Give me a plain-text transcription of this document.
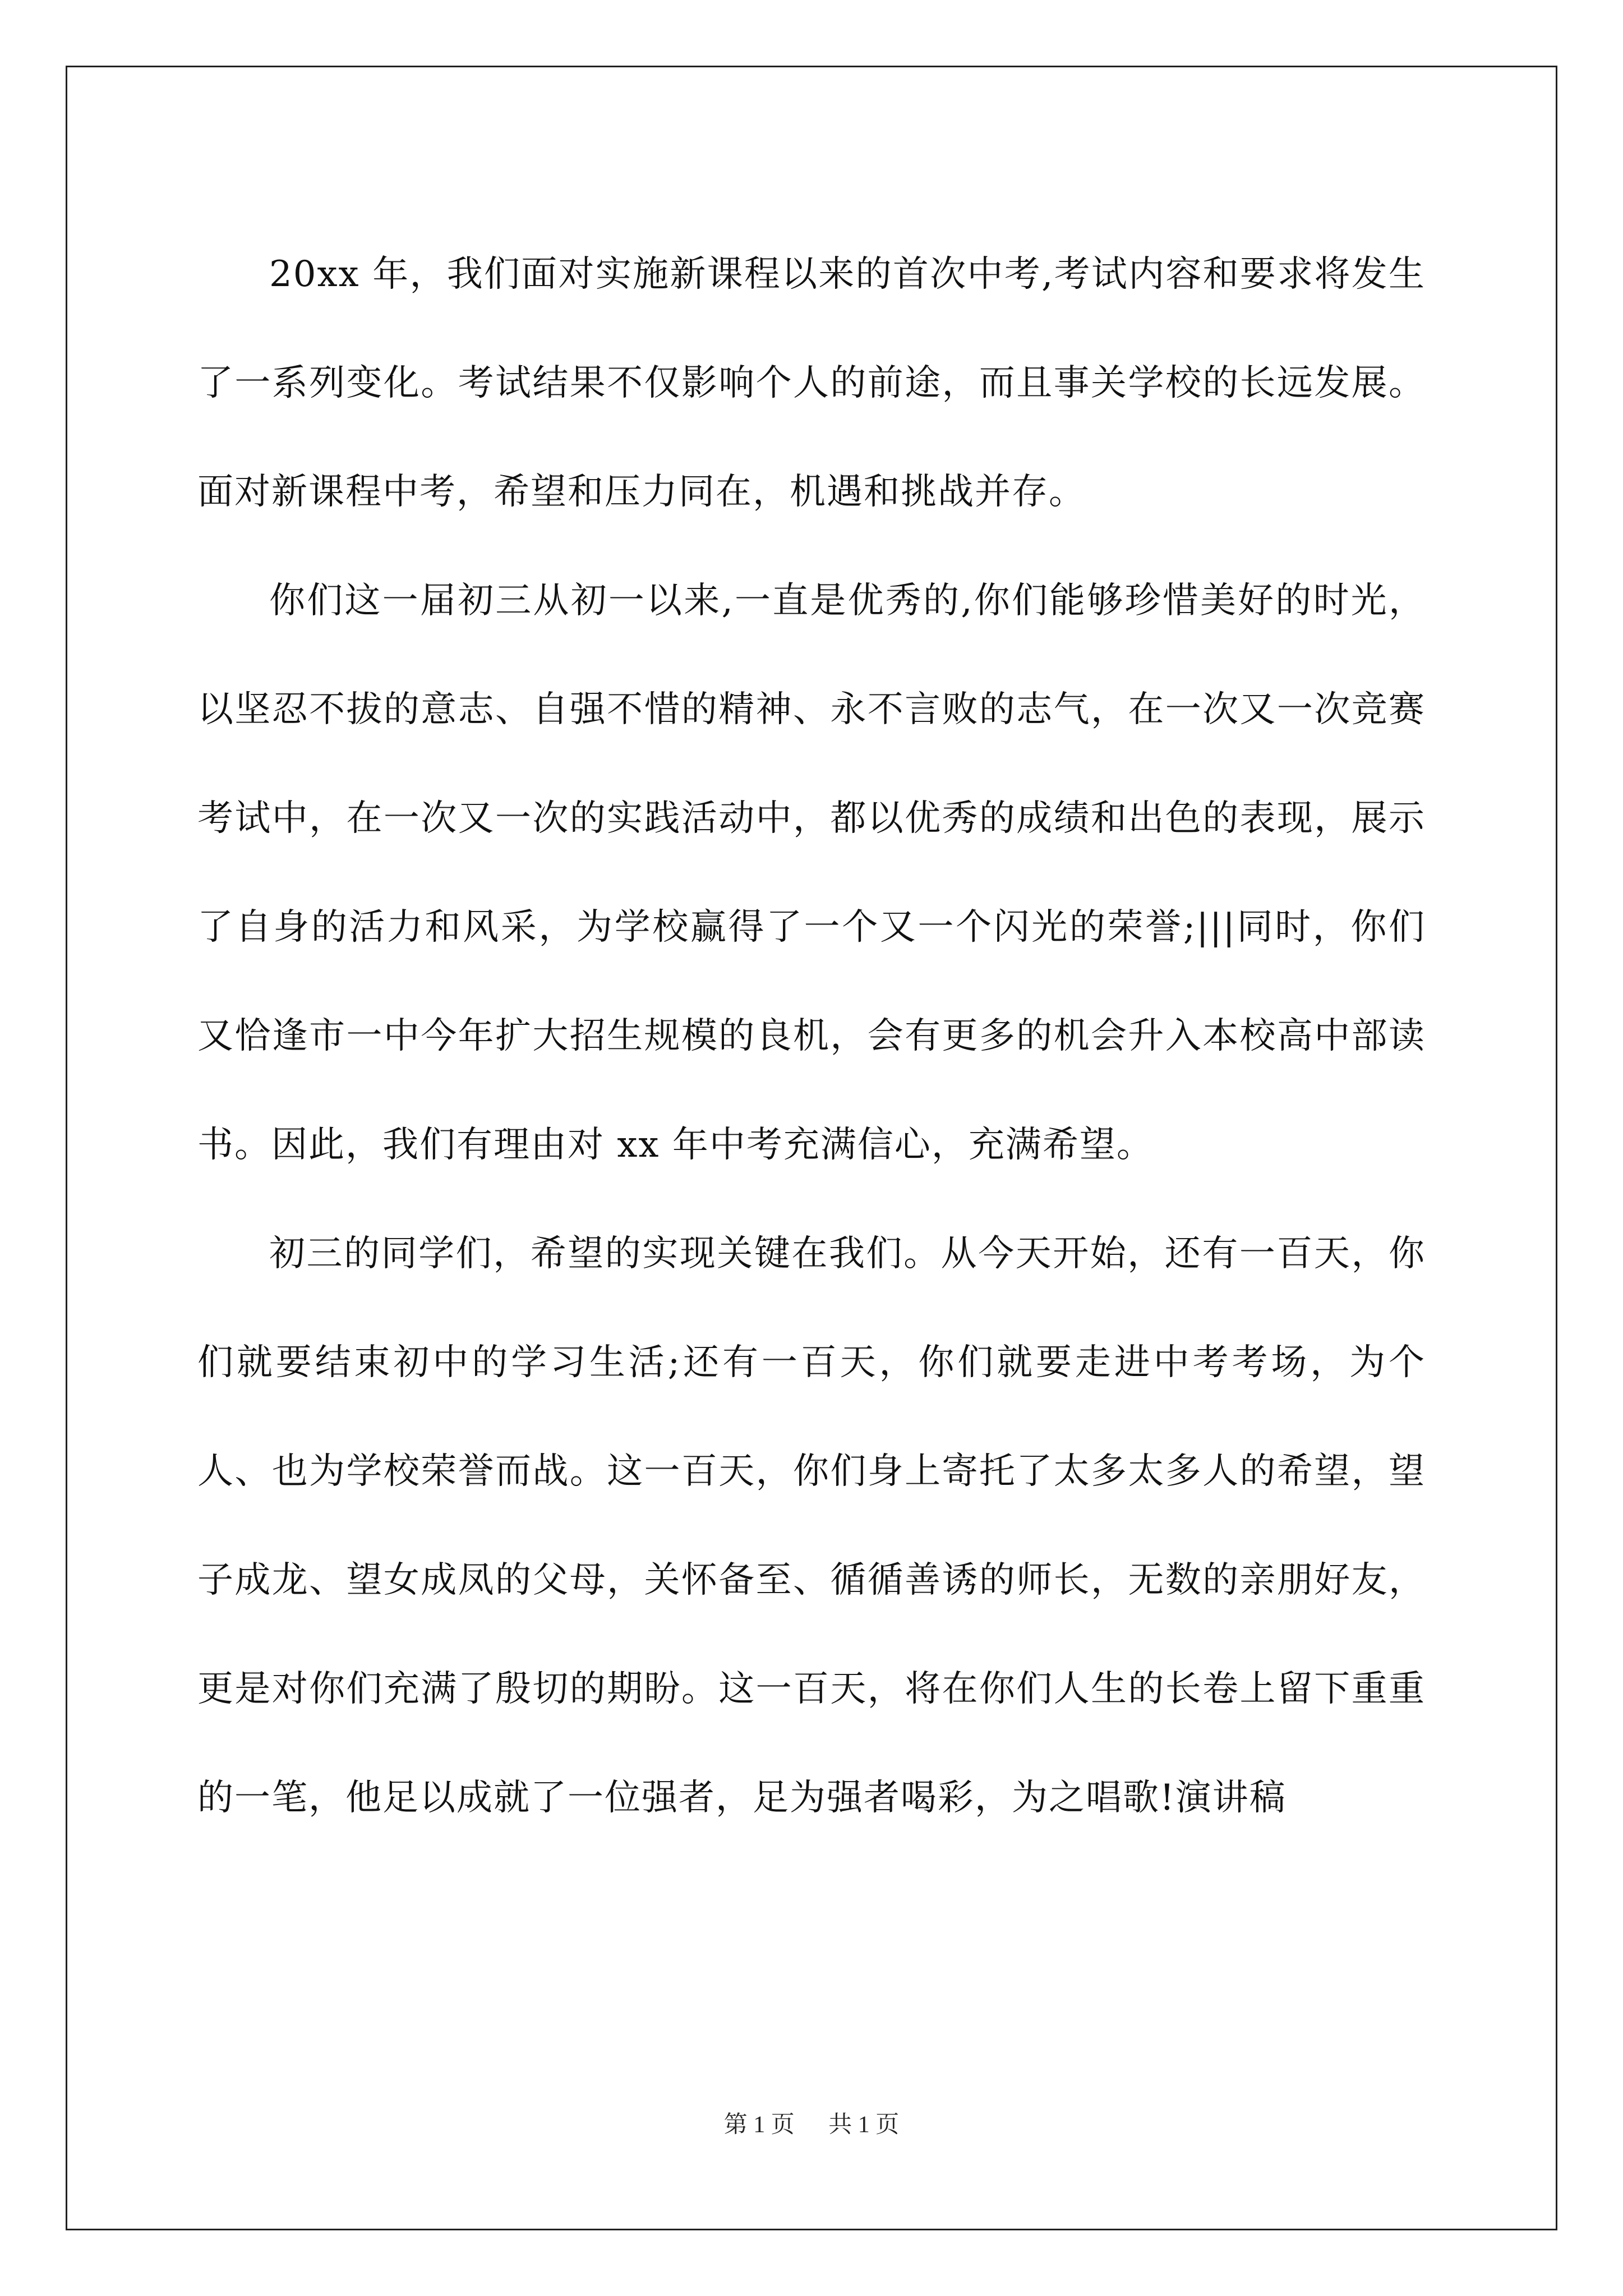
20xx 年，我们面对实施新课程以来的首次中考,考试内容和要求将发生了一系列变化。考试结果不仅影响个人的前途，而且事关学校的长远发展。面对新课程中考，希望和压力同在，机遇和挑战并存。

你们这一届初三从初一以来,一直是优秀的,你们能够珍惜美好的时光，以坚忍不拔的意志、自强不惜的精神、永不言败的志气，在一次又一次竞赛考试中，在一次又一次的实践活动中，都以优秀的成绩和出色的表现，展示了自身的活力和风采，为学校赢得了一个又一个闪光的荣誉;|||同时，你们又恰逢市一中今年扩大招生规模的良机，会有更多的机会升入本校高中部读书。因此，我们有理由对 xx 年中考充满信心，充满希望。

初三的同学们，希望的实现关键在我们。从今天开始，还有一百天，你们就要结束初中的学习生活;还有一百天，你们就要走进中考考场，为个人、也为学校荣誉而战。这一百天，你们身上寄托了太多太多人的希望，望子成龙、望女成凤的父母，关怀备至、循循善诱的师长，无数的亲朋好友，更是对你们充满了殷切的期盼。这一百天，将在你们人生的长卷上留下重重的一笔，他足以成就了一位强者，足为强者喝彩，为之唱歌!演讲稿

第 1 页 共 1 页
